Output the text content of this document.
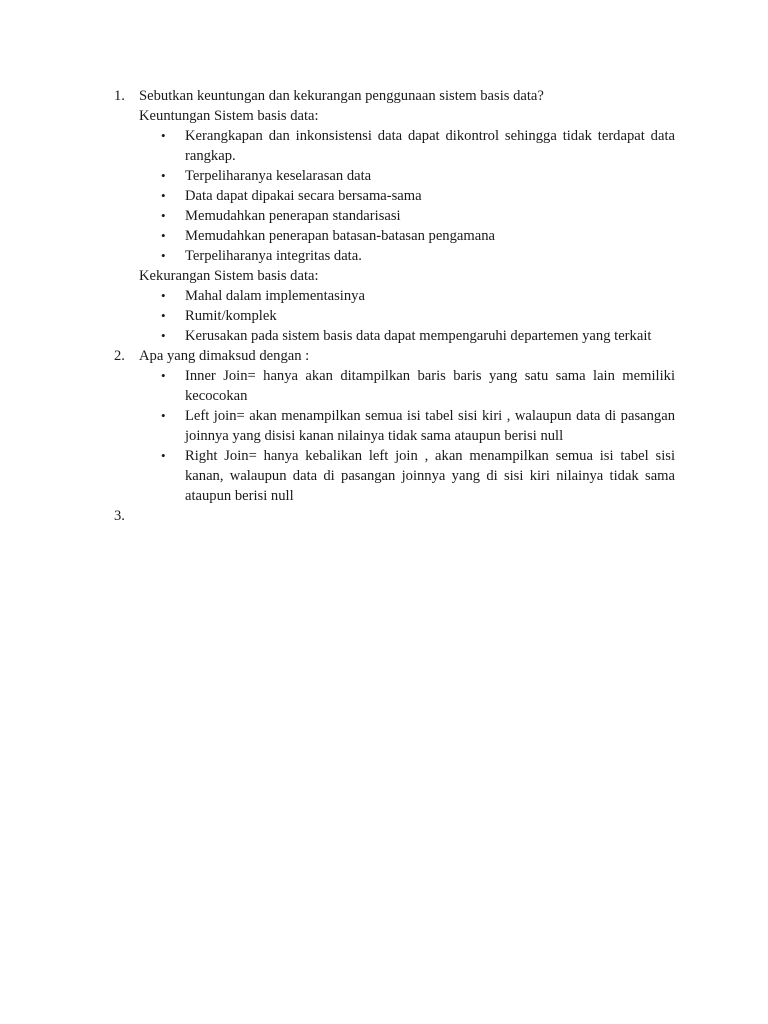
1. Sebutkan keuntungan dan kekurangan penggunaan sistem basis data?
Keuntungan Sistem basis data:
• Kerangkapan dan inkonsistensi data dapat dikontrol sehingga tidak terdapat data rangkap.
• Terpeliharanya keselarasan data
• Data dapat dipakai secara bersama-sama
• Memudahkan penerapan standarisasi
• Memudahkan penerapan batasan-batasan pengamana
• Terpeliharanya integritas data.
Kekurangan Sistem basis data:
• Mahal dalam implementasinya
• Rumit/komplek
• Kerusakan pada sistem basis data dapat mempengaruhi departemen yang terkait
2. Apa yang dimaksud dengan :
• Inner Join= hanya akan ditampilkan baris baris yang satu sama lain memiliki kecocokan
• Left join= akan menampilkan semua isi tabel sisi kiri , walaupun data di pasangan joinnya yang disisi kanan nilainya tidak sama ataupun berisi null
• Right Join= hanya kebalikan left join , akan menampilkan semua isi tabel sisi kanan, walaupun data di pasangan joinnya yang di sisi kiri nilainya tidak sama ataupun berisi null
3.
